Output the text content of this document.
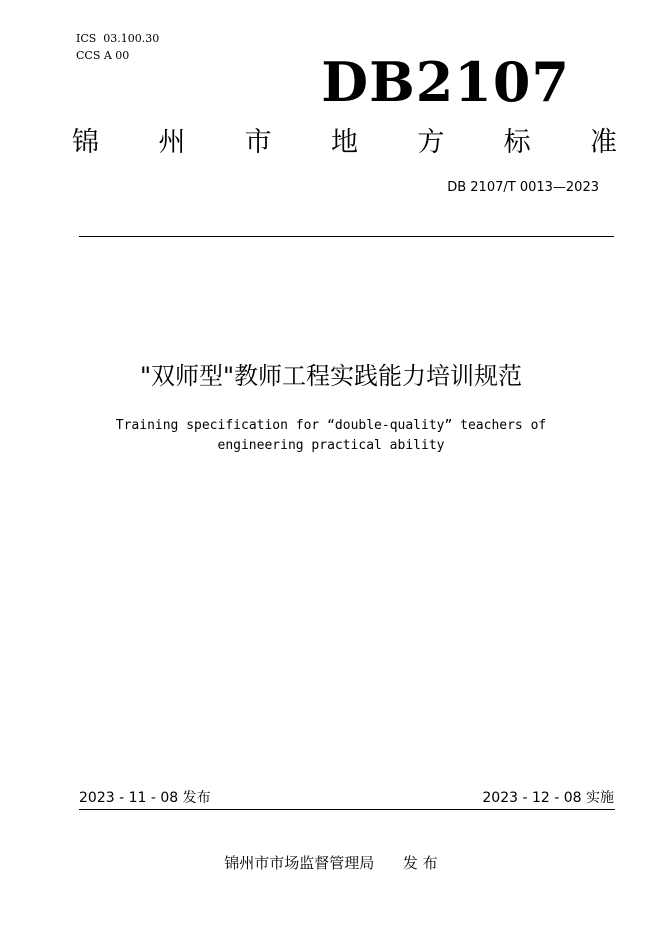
ICS  03.100.30
CCS A 00	DB2107
锦 州 市 地 方 标 准
DB 2107/T 0013—2023
"双师型"教师工程实践能力培训规范
Training specification for “double-quality” teachers of
engineering practical ability
2023 - 11 - 08 发布	2023 - 12 - 08 实施
锦州市市场监督管理局      发 布
